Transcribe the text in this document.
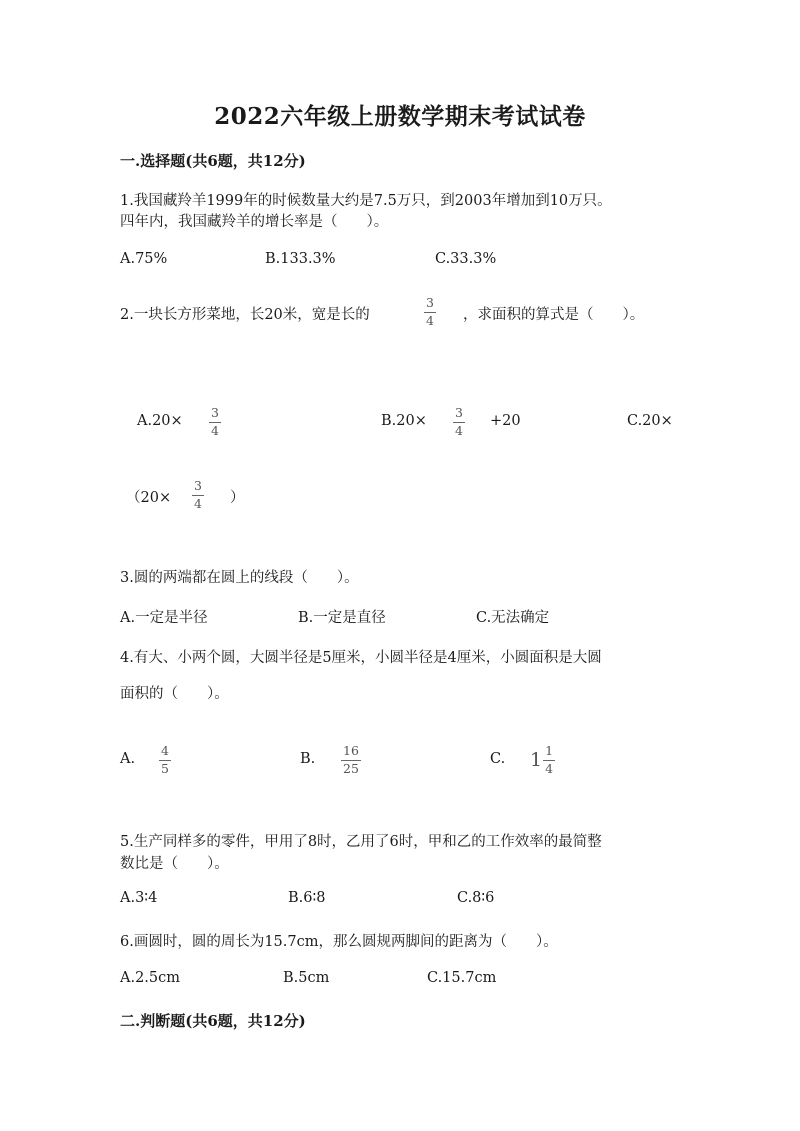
2022六年级上册数学期末考试试卷
一.选择题(共6题，共12分)
1.我国藏羚羊1999年的时候数量大约是7.5万只，到2003年增加到10万只。
四年内，我国藏羚羊的增长率是（　　）。
A.75%	B.133.3%	C.33.3%
2.一块长方形菜地，长20米，宽是长的	$\frac{3}{4}$ ，求面积的算式是（　　）。
$A.20\times \frac{3}{4}$	$B.20\times \frac{3}{4} +20$	C.20×
（$20\times \frac{3}{4}$ ）
3.圆的两端都在圆上的线段（　　）。
A.一定是半径	B.一定是直径	C.无法确定
4.有大、小两个圆，大圆半径是5厘米，小圆半径是4厘米，小圆面积是大圆
面积的（　　）。
A. $\frac{4}{5}$	B. $\frac{16}{25}$	C. $1 \frac{1}{4}$
5.生产同样多的零件，甲用了8时，乙用了6时，甲和乙的工作效率的最简整
数比是（　　）。
A.3∶4	B.6∶8	C.8∶6
6.画圆时，圆的周长为15.7cm，那么圆规两脚间的距离为（　　）。
A.2.5cm	B.5cm	C.15.7cm
二.判断题(共6题，共12分)
